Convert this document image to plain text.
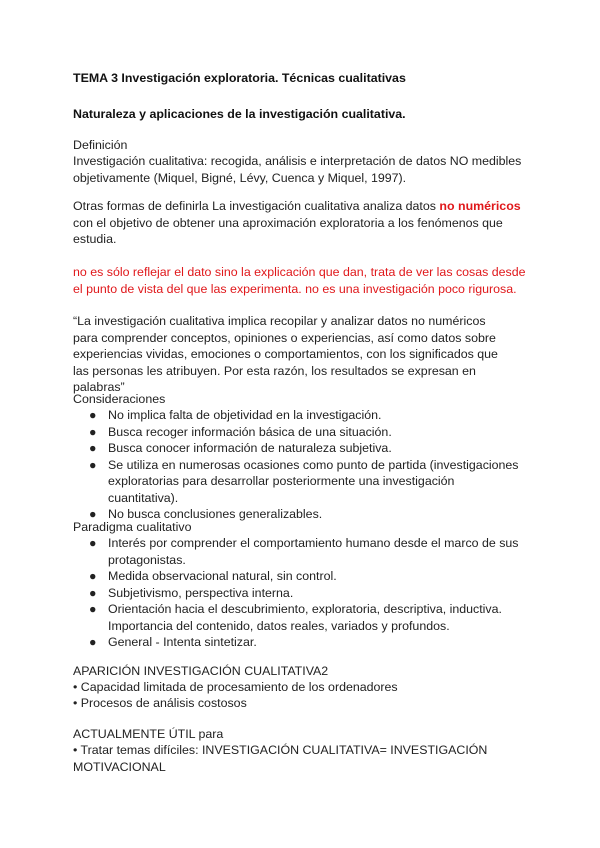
TEMA 3 Investigación exploratoria. Técnicas cualitativas

Naturaleza y aplicaciones de la investigación cualitativa.

Definición

Investigación cualitativa: recogida, análisis e interpretación de datos NO medibles objetivamente (Miquel, Bigné, Lévy, Cuenca y Miquel, 1997).

Otras formas de definirla La investigación cualitativa analiza datos no numéricos con el objetivo de obtener una aproximación exploratoria a los fenómenos que estudia.

no es sólo reflejar el dato sino la explicación que dan, trata de ver las cosas desde el punto de vista del que las experimenta. no es una investigación poco rigurosa.

“La investigación cualitativa implica recopilar y analizar datos no numéricos para comprender conceptos, opiniones o experiencias, así como datos sobre experiencias vividas, emociones o comportamientos, con los significados que las personas les atribuyen. Por esta razón, los resultados se expresan en palabras”

Consideraciones

● No implica falta de objetividad en la investigación.
● Busca recoger información básica de una situación.
● Busca conocer información de naturaleza subjetiva.
● Se utiliza en numerosas ocasiones como punto de partida (investigaciones exploratorias para desarrollar posteriormente una investigación cuantitativa).
● No busca conclusiones generalizables.

Paradigma cualitativo

● Interés por comprender el comportamiento humano desde el marco de sus protagonistas.
● Medida observacional natural, sin control.
● Subjetivismo, perspectiva interna.
● Orientación hacia el descubrimiento, exploratoria, descriptiva, inductiva. Importancia del contenido, datos reales, variados y profundos.
● General - Intenta sintetizar.

APARICIÓN INVESTIGACIÓN CUALITATIVA2

• Capacidad limitada de procesamiento de los ordenadores

• Procesos de análisis costosos

ACTUALMENTE ÚTIL para

• Tratar temas difíciles: INVESTIGACIÓN CUALITATIVA= INVESTIGACIÓN MOTIVACIONAL
